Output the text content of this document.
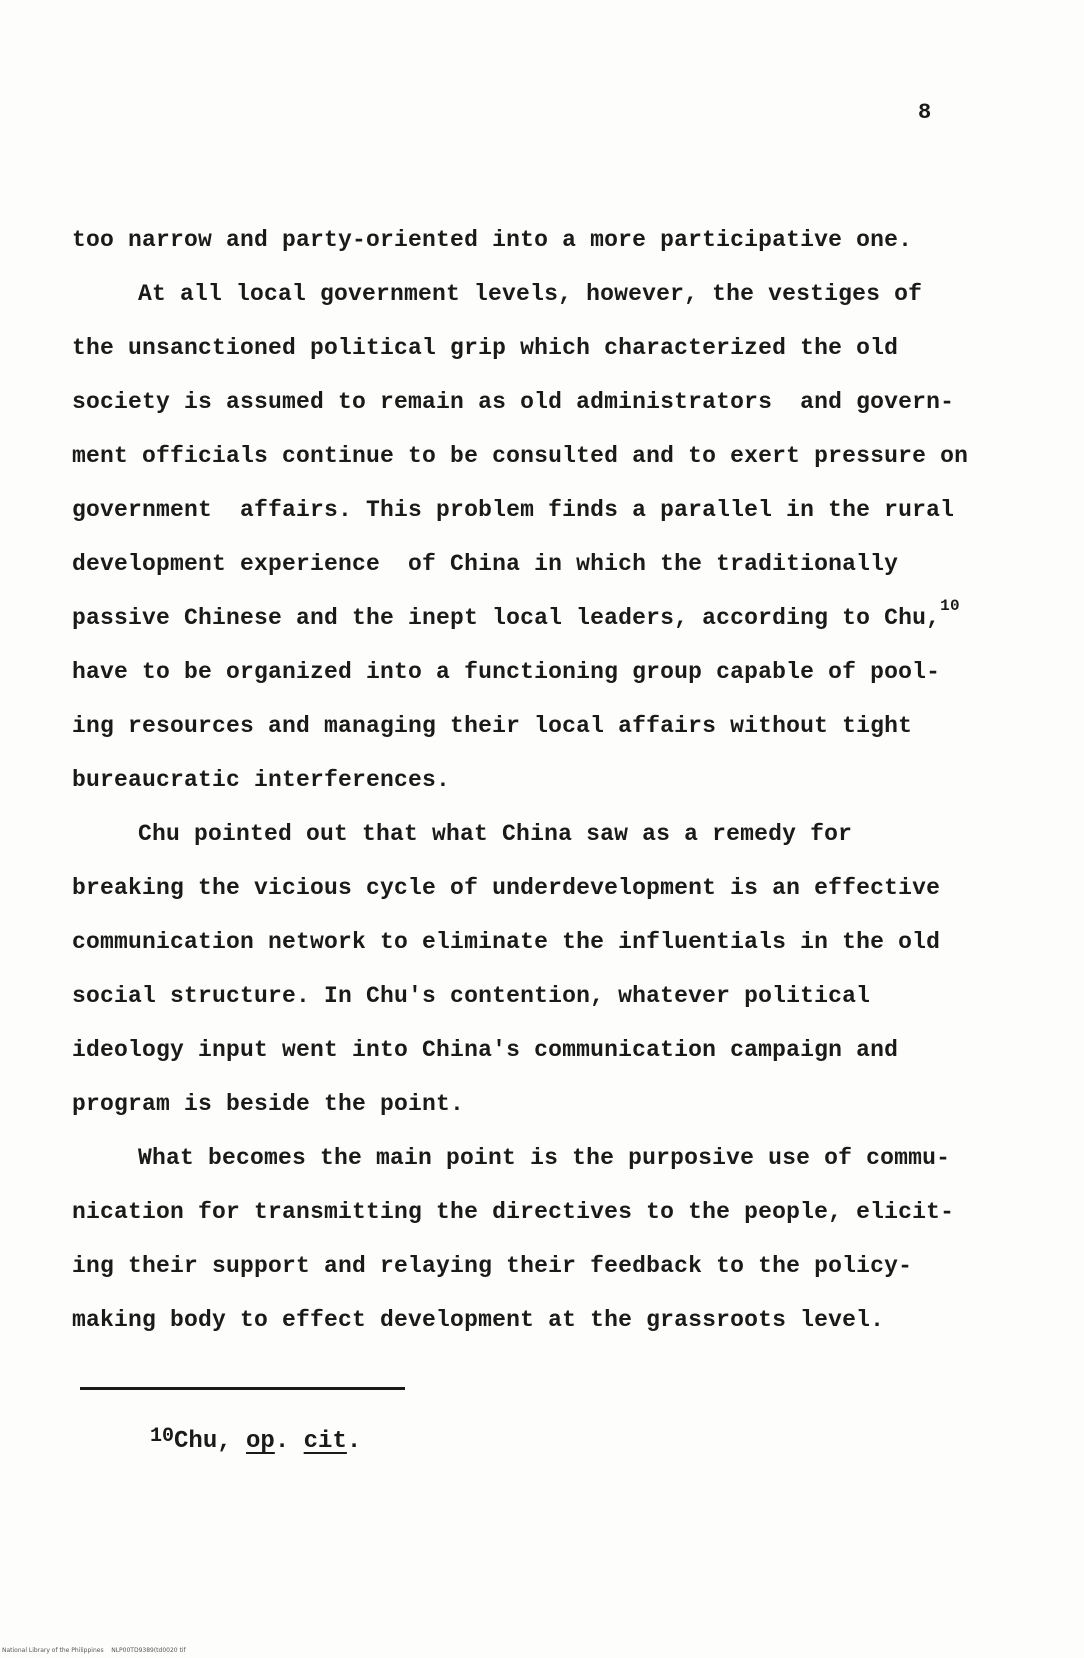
8
too narrow and party-oriented into a more participative one.
At all local government levels, however, the vestiges of
the unsanctioned political grip which characterized the old
society is assumed to remain as old administrators  and govern-
ment officials continue to be consulted and to exert pressure on
government  affairs. This problem finds a parallel in the rural
development experience  of China in which the traditionally
passive Chinese and the inept local leaders, according to Chu,$^{10}$
have to be organized into a functioning group capable of pool-
ing resources and managing their local affairs without tight
bureaucratic interferences.
Chu pointed out that what China saw as a remedy for
breaking the vicious cycle of underdevelopment is an effective
communication network to eliminate the influentials in the old
social structure. In Chu's contention, whatever political
ideology input went into China's communication campaign and
program is beside the point.
What becomes the main point is the purposive use of commu-
nication for transmitting the directives to the people, elicit-
ing their support and relaying their feedback to the policy-
making body to effect development at the grassroots level.
$^{10}$Chu, op. cit.
National Library of the Philippines    NLP00TD9389(td0020 tif
